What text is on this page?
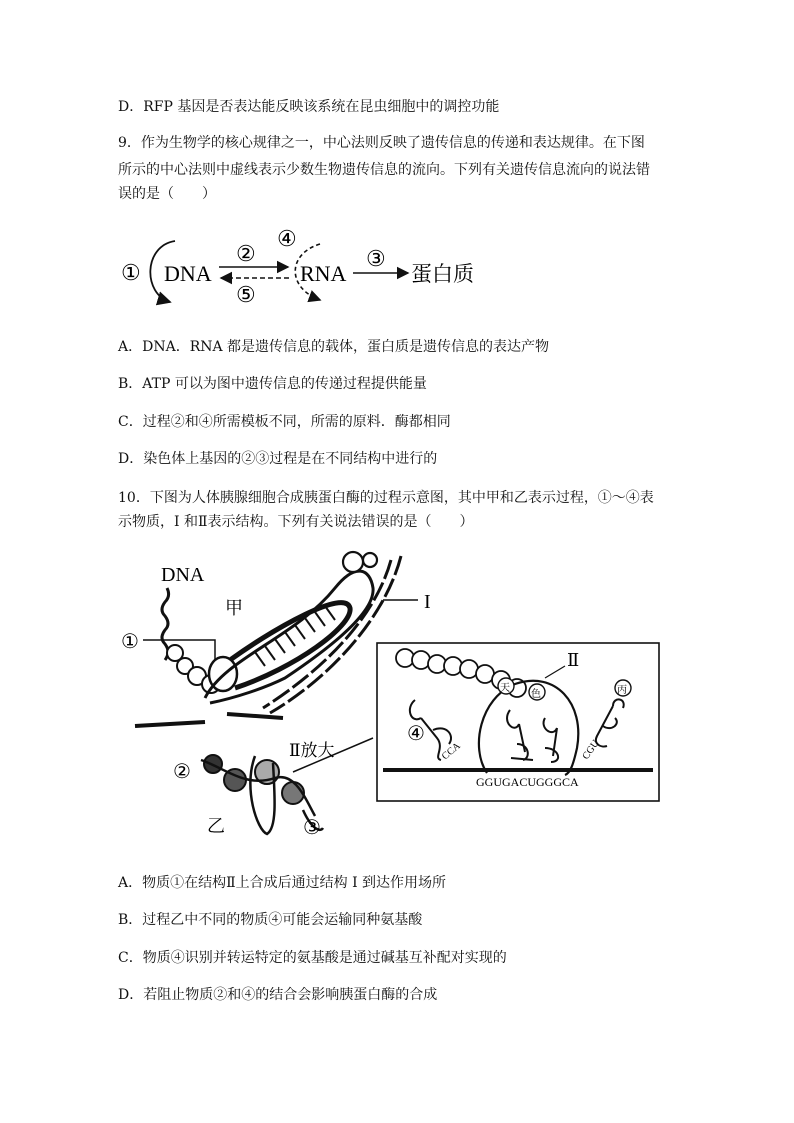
D．RFP 基因是否表达能反映该系统在昆虫细胞中的调控功能
9．作为生物学的核心规律之一，中心法则反映了遗传信息的传递和表达规律。在下图
所示的中心法则中虚线表示少数生物遗传信息的流向。下列有关遗传信息流向的说法错
误的是（　　）
① DNA
②
⑤
④
RNA
③
蛋白质
A．DNA．RNA 都是遗传信息的载体，蛋白质是遗传信息的表达产物
B．ATP 可以为图中遗传信息的传递过程提供能量
C．过程②和④所需模板不同，所需的原料．酶都相同
D．染色体上基因的②③过程是在不同结构中进行的
10．下图为人体胰腺细胞合成胰蛋白酶的过程示意图，其中甲和乙表示过程，①～④表
示物质，I 和Ⅱ表示结构。下列有关说法错误的是（　　）
DNA
甲	I
①
②
Ⅱ放大
乙	③
④
Ⅱ
天
色	丙
CCA	CGU
GGUGACUGGGCA
A．物质①在结构Ⅱ上合成后通过结构 I 到达作用场所
B．过程乙中不同的物质④可能会运输同种氨基酸
C．物质④识别并转运特定的氨基酸是通过碱基互补配对实现的
D．若阻止物质②和④的结合会影响胰蛋白酶的合成
